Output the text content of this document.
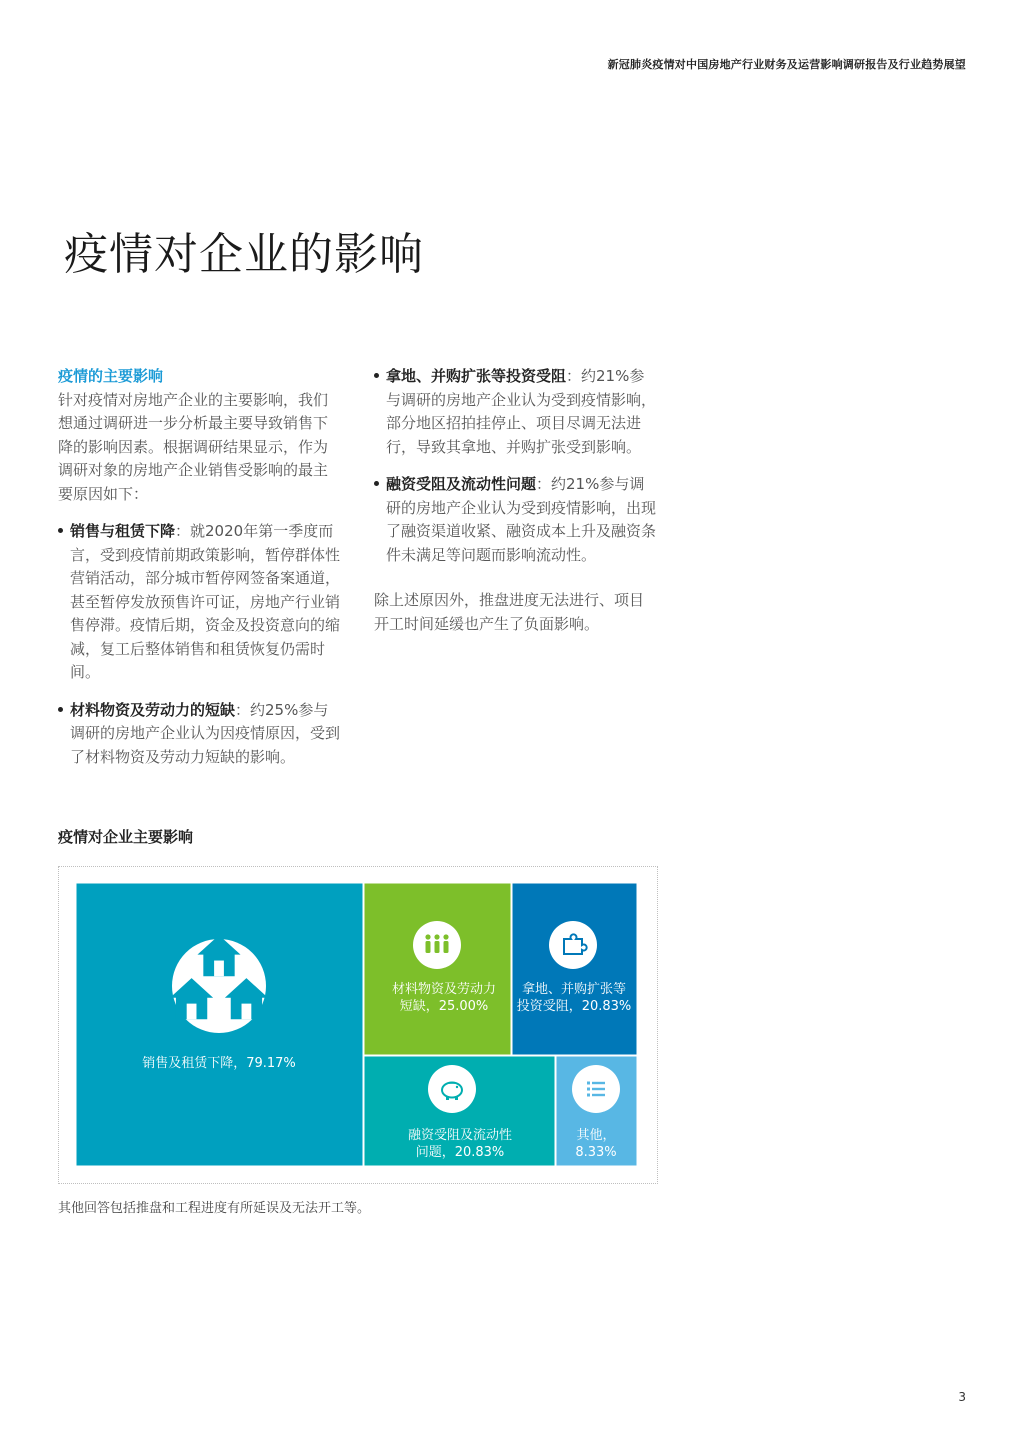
新冠肺炎疫情对中国房地产行业财务及运营影响调研报告及行业趋势展望
疫情对企业的影响

疫情的主要影响

针对疫情对房地产企业的主要影响，我们想通过调研进一步分析最主要导致销售下降的影响因素。根据调研结果显示，作为调研对象的房地产企业销售受影响的最主要原因如下：

销售与租赁下降：就2020年第一季度而言，受到疫情前期政策影响，暂停群体性营销活动，部分城市暂停网签备案通道，甚至暂停发放预售许可证，房地产行业销售停滞。疫情后期，资金及投资意向的缩减，复工后整体销售和租赁恢复仍需时间。

材料物资及劳动力的短缺：约25%参与调研的房地产企业认为因疫情原因，受到了材料物资及劳动力短缺的影响。

拿地、并购扩张等投资受阻：约21%参与调研的房地产企业认为受到疫情影响，部分地区招拍挂停止、项目尽调无法进行，导致其拿地、并购扩张受到影响。

融资受阻及流动性问题：约21%参与调研的房地产企业认为受到疫情影响，出现了融资渠道收紧、融资成本上升及融资条件未满足等问题而影响流动性。

除上述原因外，推盘进度无法进行、项目开工时间延缓也产生了负面影响。

疫情对企业主要影响
销售及租赁下降，79.17%
材料物资及劳动力
短缺，25.00%
拿地、并购扩张等
投资受阻，20.83%
融资受阻及流动性
问题，20.83%
其他，
8.33%

其他回答包括推盘和工程进度有所延误及无法开工等。

3
